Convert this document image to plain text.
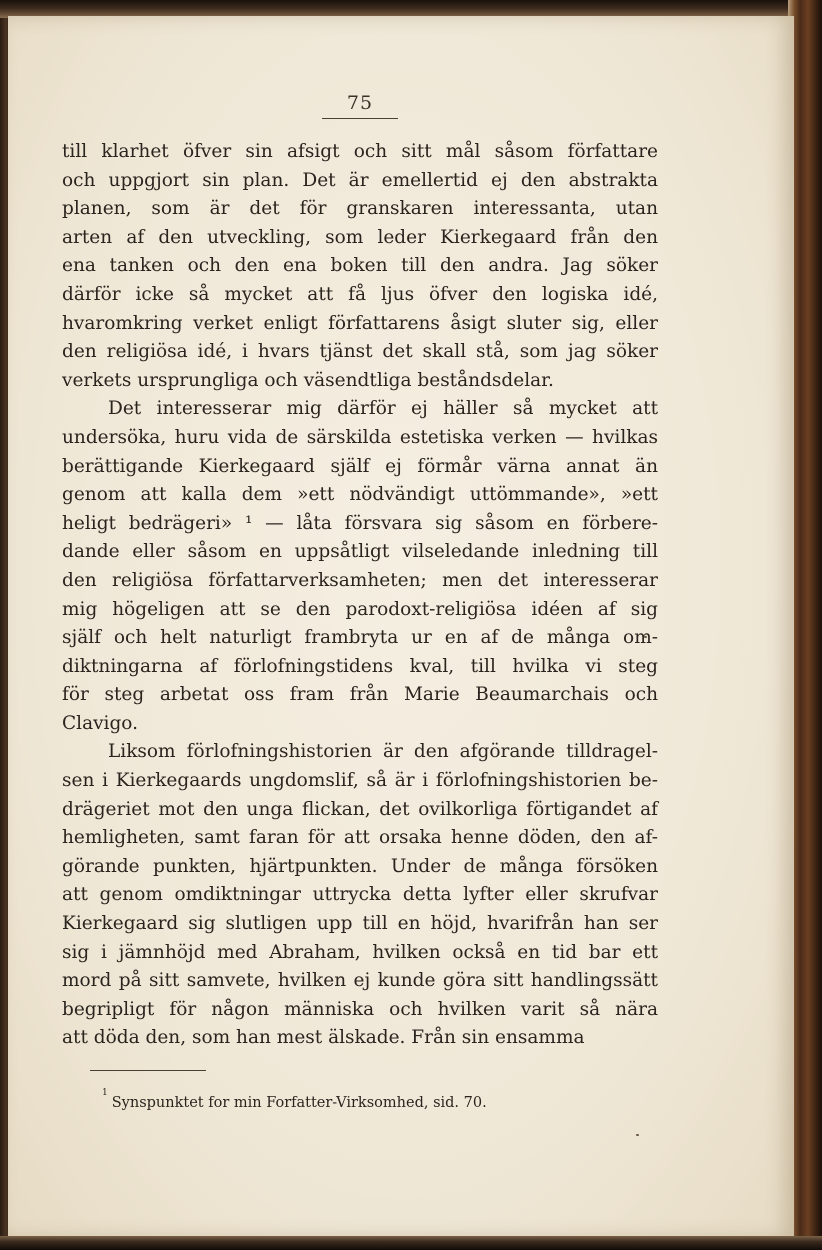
75
till klarhet öfver sin afsigt och sitt mål såsom författare
och uppgjort sin plan. Det är emellertid ej den abstrakta
planen, som är det för granskaren interessanta, utan
arten af den utveckling, som leder Kierkegaard från den
ena tanken och den ena boken till den andra. Jag söker
därför icke så mycket att få ljus öfver den logiska idé,
hvaromkring verket enligt författarens åsigt sluter sig, eller
den religiösa idé, i hvars tjänst det skall stå, som jag söker
verkets ursprungliga och väsendtliga beståndsdelar.
Det interesserar mig därför ej häller så mycket att
undersöka, huru vida de särskilda estetiska verken — hvilkas
berättigande Kierkegaard själf ej förmår värna annat än
genom att kalla dem »ett nödvändigt uttömmande», »ett
heligt bedrägeri» ¹ — låta försvara sig såsom en förbere-
dande eller såsom en uppsåtligt vilseledande inledning till
den religiösa författarverksamheten; men det interesserar
mig högeligen att se den parodoxt-religiösa idéen af sig
själf och helt naturligt frambryta ur en af de många om-
diktningarna af förlofningstidens kval, till hvilka vi steg
för steg arbetat oss fram från Marie Beaumarchais och
Clavigo.
Liksom förlofningshistorien är den afgörande tilldragel-
sen i Kierkegaards ungdomslif, så är i förlofningshistorien be-
drägeriet mot den unga flickan, det ovilkorliga förtigandet af
hemligheten, samt faran för att orsaka henne döden, den af-
görande punkten, hjärtpunkten. Under de många försöken
att genom omdiktningar uttrycka detta lyfter eller skrufvar
Kierkegaard sig slutligen upp till en höjd, hvarifrån han ser
sig i jämnhöjd med Abraham, hvilken också en tid bar ett
mord på sitt samvete, hvilken ej kunde göra sitt handlingssätt
begripligt för någon människa och hvilken varit så nära
att döda den, som han mest älskade. Från sin ensamma
$^1$Synspunktet for min Forfatter-Virksomhed, sid. 70.
